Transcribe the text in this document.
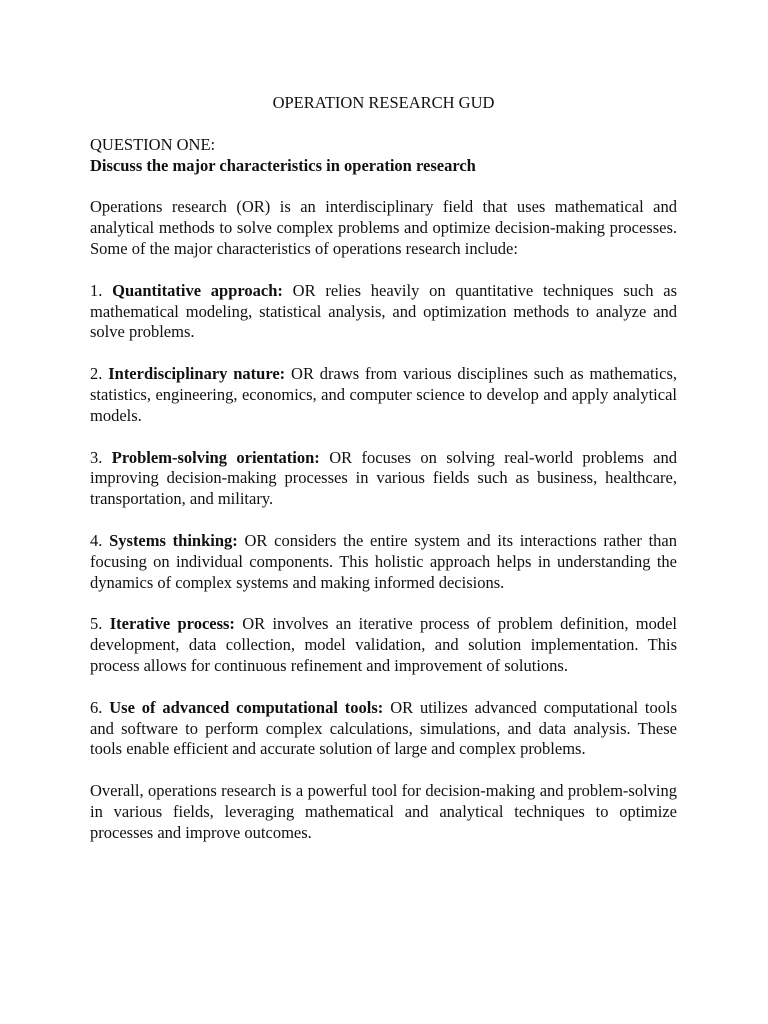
OPERATION RESEARCH GUD

QUESTION ONE:

Discuss the major characteristics in operation research

Operations research (OR) is an interdisciplinary field that uses mathematical and analytical methods to solve complex problems and optimize decision-making processes. Some of the major characteristics of operations research include:

1. Quantitative approach: OR relies heavily on quantitative techniques such as mathematical modeling, statistical analysis, and optimization methods to analyze and solve problems.

2. Interdisciplinary nature: OR draws from various disciplines such as mathematics, statistics, engineering, economics, and computer science to develop and apply analytical models.

3. Problem-solving orientation: OR focuses on solving real-world problems and improving decision-making processes in various fields such as business, healthcare, transportation, and military.

4. Systems thinking: OR considers the entire system and its interactions rather than focusing on individual components. This holistic approach helps in understanding the dynamics of complex systems and making informed decisions.

5. Iterative process: OR involves an iterative process of problem definition, model development, data collection, model validation, and solution implementation. This process allows for continuous refinement and improvement of solutions.

6. Use of advanced computational tools: OR utilizes advanced computational tools and software to perform complex calculations, simulations, and data analysis. These tools enable efficient and accurate solution of large and complex problems.

Overall, operations research is a powerful tool for decision-making and problem-solving in various fields, leveraging mathematical and analytical techniques to optimize processes and improve outcomes.
